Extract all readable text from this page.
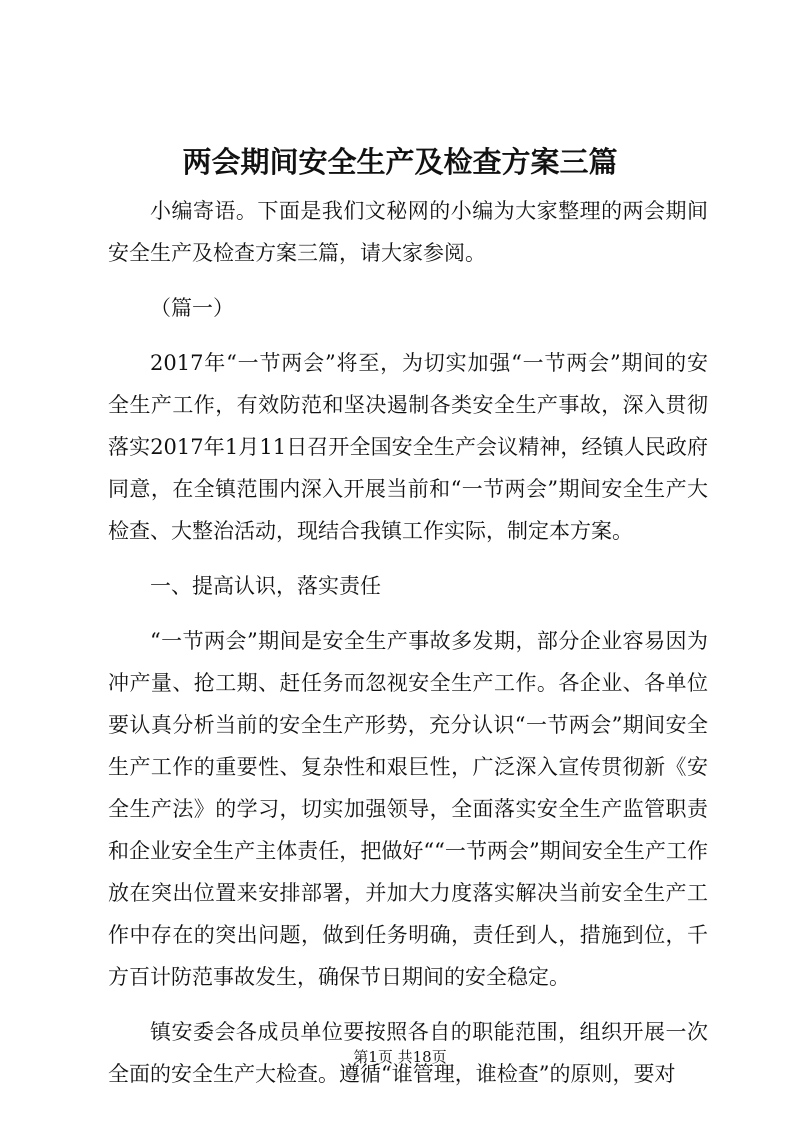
两会期间安全生产及检查方案三篇

小编寄语。下面是我们文秘网的小编为大家整理的两会期间安全生产及检查方案三篇，请大家参阅。

（篇一）

2017年“一节两会”将至，为切实加强“一节两会”期间的安全生产工作，有效防范和坚决遏制各类安全生产事故，深入贯彻落实2017年1月11日召开全国安全生产会议精神，经镇人民政府同意，在全镇范围内深入开展当前和“一节两会”期间安全生产大检查、大整治活动，现结合我镇工作实际，制定本方案。

一、提高认识，落实责任

“一节两会”期间是安全生产事故多发期，部分企业容易因为冲产量、抢工期、赶任务而忽视安全生产工作。各企业、各单位要认真分析当前的安全生产形势，充分认识“一节两会”期间安全生产工作的重要性、复杂性和艰巨性，广泛深入宣传贯彻新《安全生产法》的学习，切实加强领导，全面落实安全生产监管职责和企业安全生产主体责任，把做好““一节两会”期间安全生产工作放在突出位置来安排部署，并加大力度落实解决当前安全生产工作中存在的突出问题，做到任务明确，责任到人，措施到位，千方百计防范事故发生，确保节日期间的安全稳定。

镇安委会各成员单位要按照各自的职能范围，组织开展一次全面的安全生产大检查。遵循“谁管理，谁检查”的原则，要对

第1页 共18页
